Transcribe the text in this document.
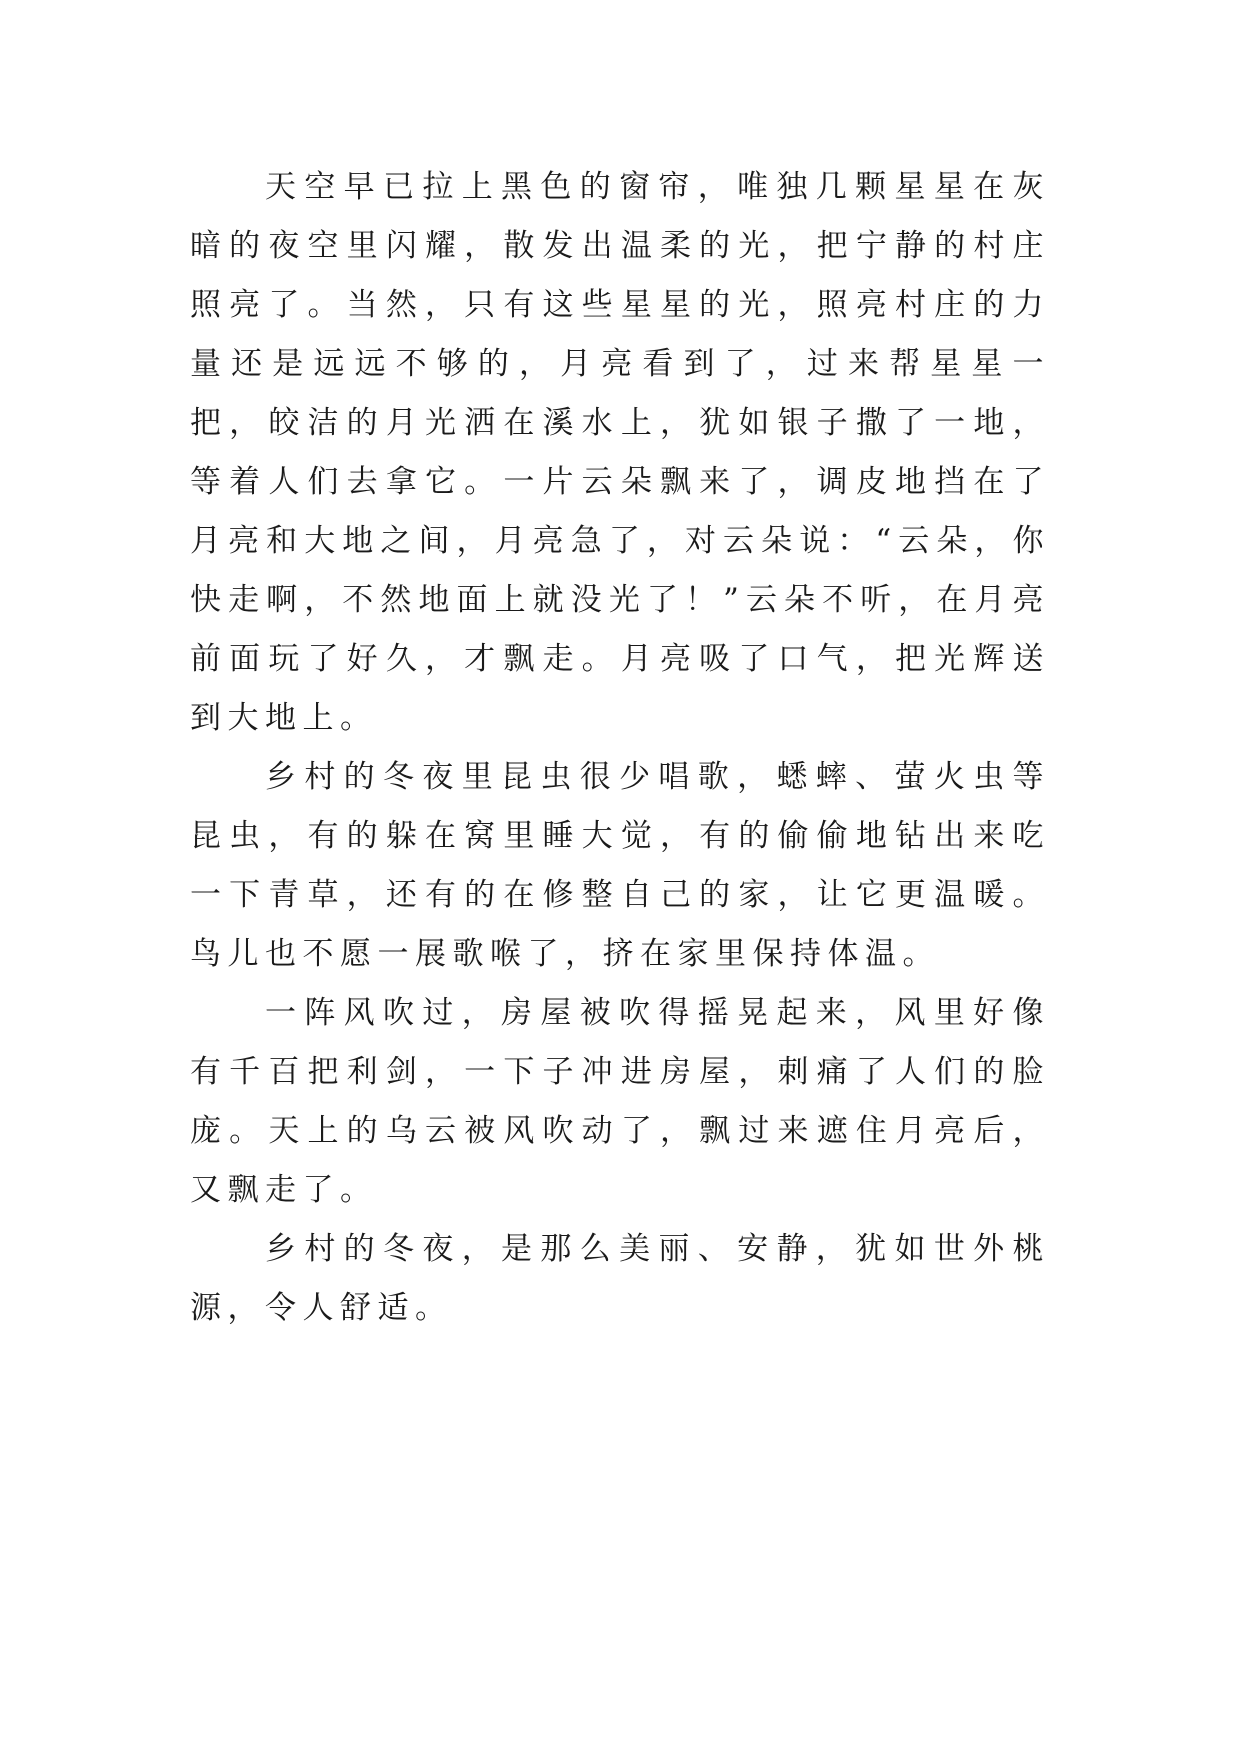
天空早已拉上黑色的窗帘，唯独几颗星星在灰暗的夜空里闪耀，散发出温柔的光，把宁静的村庄照亮了。当然，只有这些星星的光，照亮村庄的力量还是远远不够的，月亮看到了，过来帮星星一把，皎洁的月光洒在溪水上，犹如银子撒了一地，等着人们去拿它。一片云朵飘来了，调皮地挡在了月亮和大地之间，月亮急了，对云朵说：“云朵，你快走啊，不然地面上就没光了！”云朵不听，在月亮前面玩了好久，才飘走。月亮吸了口气，把光辉送到大地上。

乡村的冬夜里昆虫很少唱歌，蟋蟀、萤火虫等昆虫，有的躲在窝里睡大觉，有的偷偷地钻出来吃一下青草，还有的在修整自己的家，让它更温暖。鸟儿也不愿一展歌喉了，挤在家里保持体温。

一阵风吹过，房屋被吹得摇晃起来，风里好像有千百把利剑，一下子冲进房屋，刺痛了人们的脸庞。天上的乌云被风吹动了，飘过来遮住月亮后，又飘走了。

乡村的冬夜，是那么美丽、安静，犹如世外桃源，令人舒适。
